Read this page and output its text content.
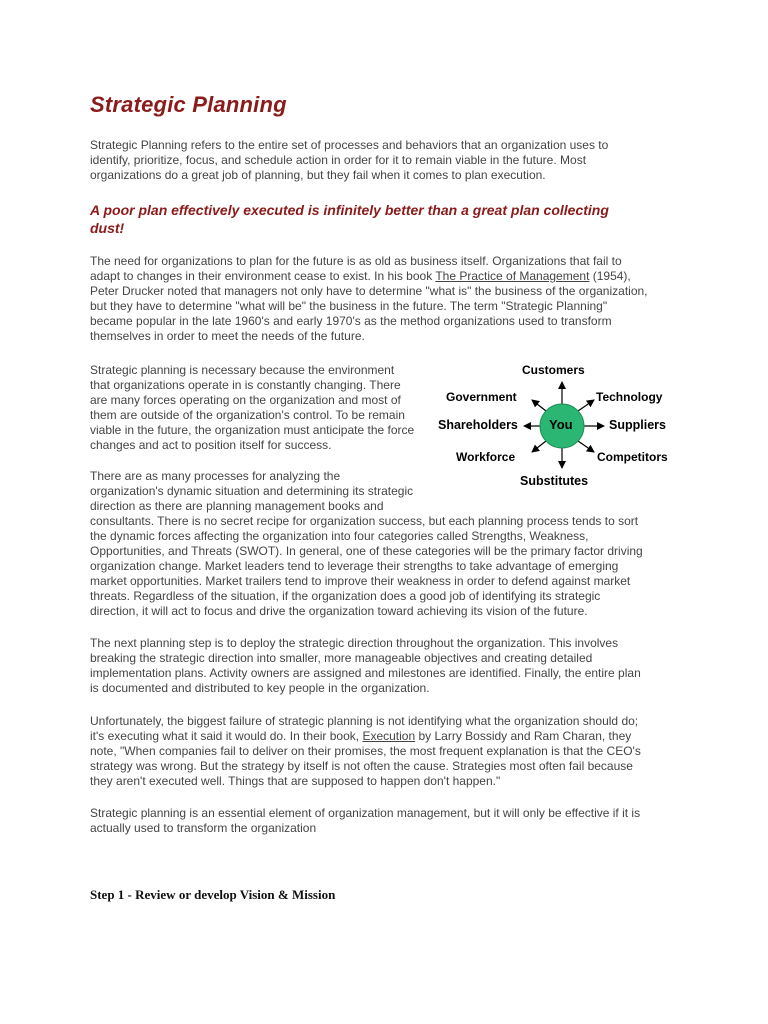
Strategic Planning

Strategic Planning refers to the entire set of processes and behaviors that an organization uses to
identify, prioritize, focus, and schedule action in order for it to remain viable in the future. Most
organizations do a great job of planning, but they fail when it comes to plan execution.

A poor plan effectively executed is infinitely better than a great plan collecting
dust!

The need for organizations to plan for the future is as old as business itself. Organizations that fail to
adapt to changes in their environment cease to exist. In his book The Practice of Management (1954),
Peter Drucker noted that managers not only have to determine "what is" the business of the organization,
but they have to determine "what will be" the business in the future. The term "Strategic Planning"
became popular in the late 1960's and early 1970's as the method organizations used to transform
themselves in order to meet the needs of the future.

Strategic planning is necessary because the environment
that organizations operate in is constantly changing. There
are many forces operating on the organization and most of
them are outside of the organization's control. To be remain
viable in the future, the organization must anticipate the force
changes and act to position itself for success.

There are as many processes for analyzing the
organization's dynamic situation and determining its strategic
direction as there are planning management books and
consultants. There is no secret recipe for organization success, but each planning process tends to sort
the dynamic forces affecting the organization into four categories called Strengths, Weakness,
Opportunities, and Threats (SWOT). In general, one of these categories will be the primary factor driving
organization change. Market leaders tend to leverage their strengths to take advantage of emerging
market opportunities. Market trailers tend to improve their weakness in order to defend against market
threats. Regardless of the situation, if the organization does a good job of identifying its strategic
direction, it will act to focus and drive the organization toward achieving its vision of the future.

The next planning step is to deploy the strategic direction throughout the organization. This involves
breaking the strategic direction into smaller, more manageable objectives and creating detailed
implementation plans. Activity owners are assigned and milestones are identified. Finally, the entire plan
is documented and distributed to key people in the organization.

Unfortunately, the biggest failure of strategic planning is not identifying what the organization should do;
it's executing what it said it would do. In their book, Execution by Larry Bossidy and Ram Charan, they
note, "When companies fail to deliver on their promises, the most frequent explanation is that the CEO's
strategy was wrong. But the strategy by itself is not often the cause. Strategies most often fail because
they aren't executed well. Things that are supposed to happen don't happen."

Strategic planning is an essential element of organization management, but it will only be effective if it is
actually used to transform the organization

Step 1 - Review or develop Vision & Mission

You
Customers
Government	Technology
Shareholders	Suppliers
Workforce	Competitors
Substitutes
